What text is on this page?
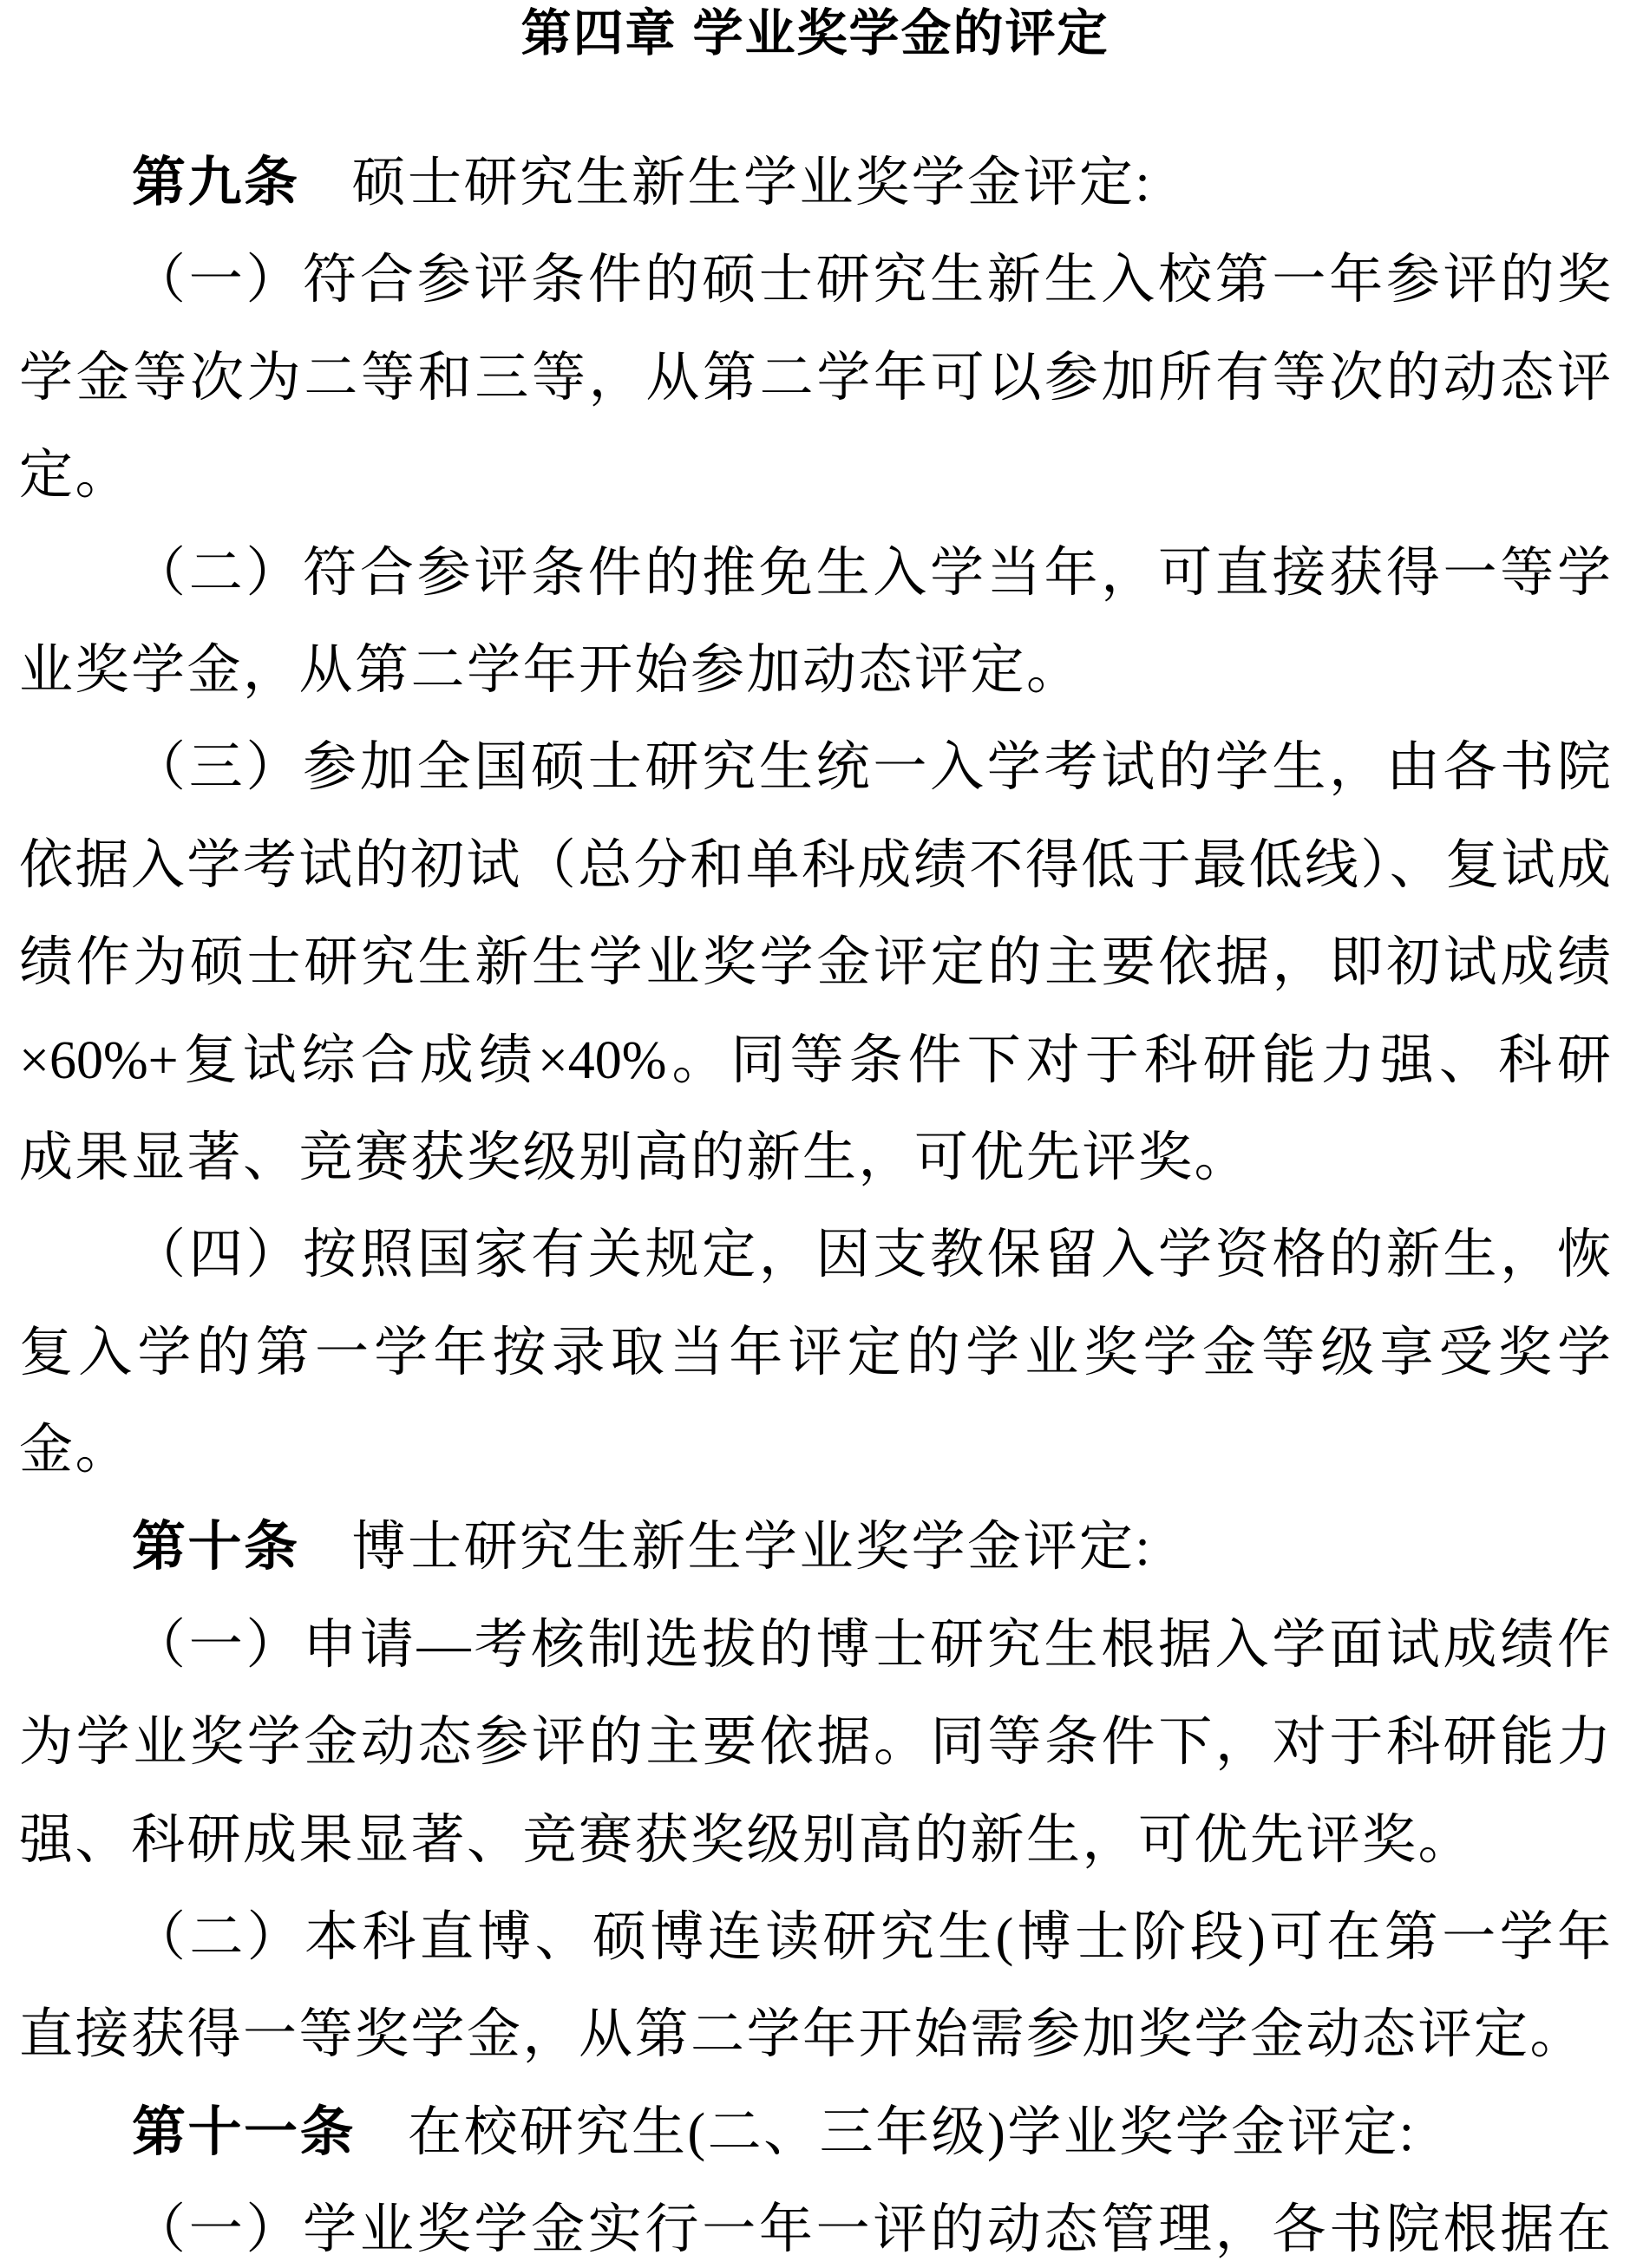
第四章 学业奖学金的评定
第九条 硕士研究生新生学业奖学金评定:
（一）符合参评条件的硕士研究生新生入校第一年参评的奖
学金等次为二等和三等，从第二学年可以参加所有等次的动态评
定。
（二）符合参评条件的推免生入学当年，可直接获得一等学
业奖学金，从第二学年开始参加动态评定。
（三）参加全国硕士研究生统一入学考试的学生，由各书院
依据入学考试的初试（总分和单科成绩不得低于最低线）、复试成
绩作为硕士研究生新生学业奖学金评定的主要依据，即初试成绩
×60%+复试综合成绩×40%。同等条件下对于科研能力强、科研
成果显著、竞赛获奖级别高的新生，可优先评奖。
（四）按照国家有关规定，因支教保留入学资格的新生，恢
复入学的第一学年按录取当年评定的学业奖学金等级享受奖学
金。
第十条 博士研究生新生学业奖学金评定:
（一）申请—考核制选拔的博士研究生根据入学面试成绩作
为学业奖学金动态参评的主要依据。同等条件下，对于科研能力
强、科研成果显著、竞赛获奖级别高的新生，可优先评奖。
（二）本科直博、硕博连读研究生(博士阶段)可在第一学年
直接获得一等奖学金，从第二学年开始需参加奖学金动态评定。
第十一条 在校研究生(二、三年级)学业奖学金评定:
（一）学业奖学金实行一年一评的动态管理，各书院根据在
